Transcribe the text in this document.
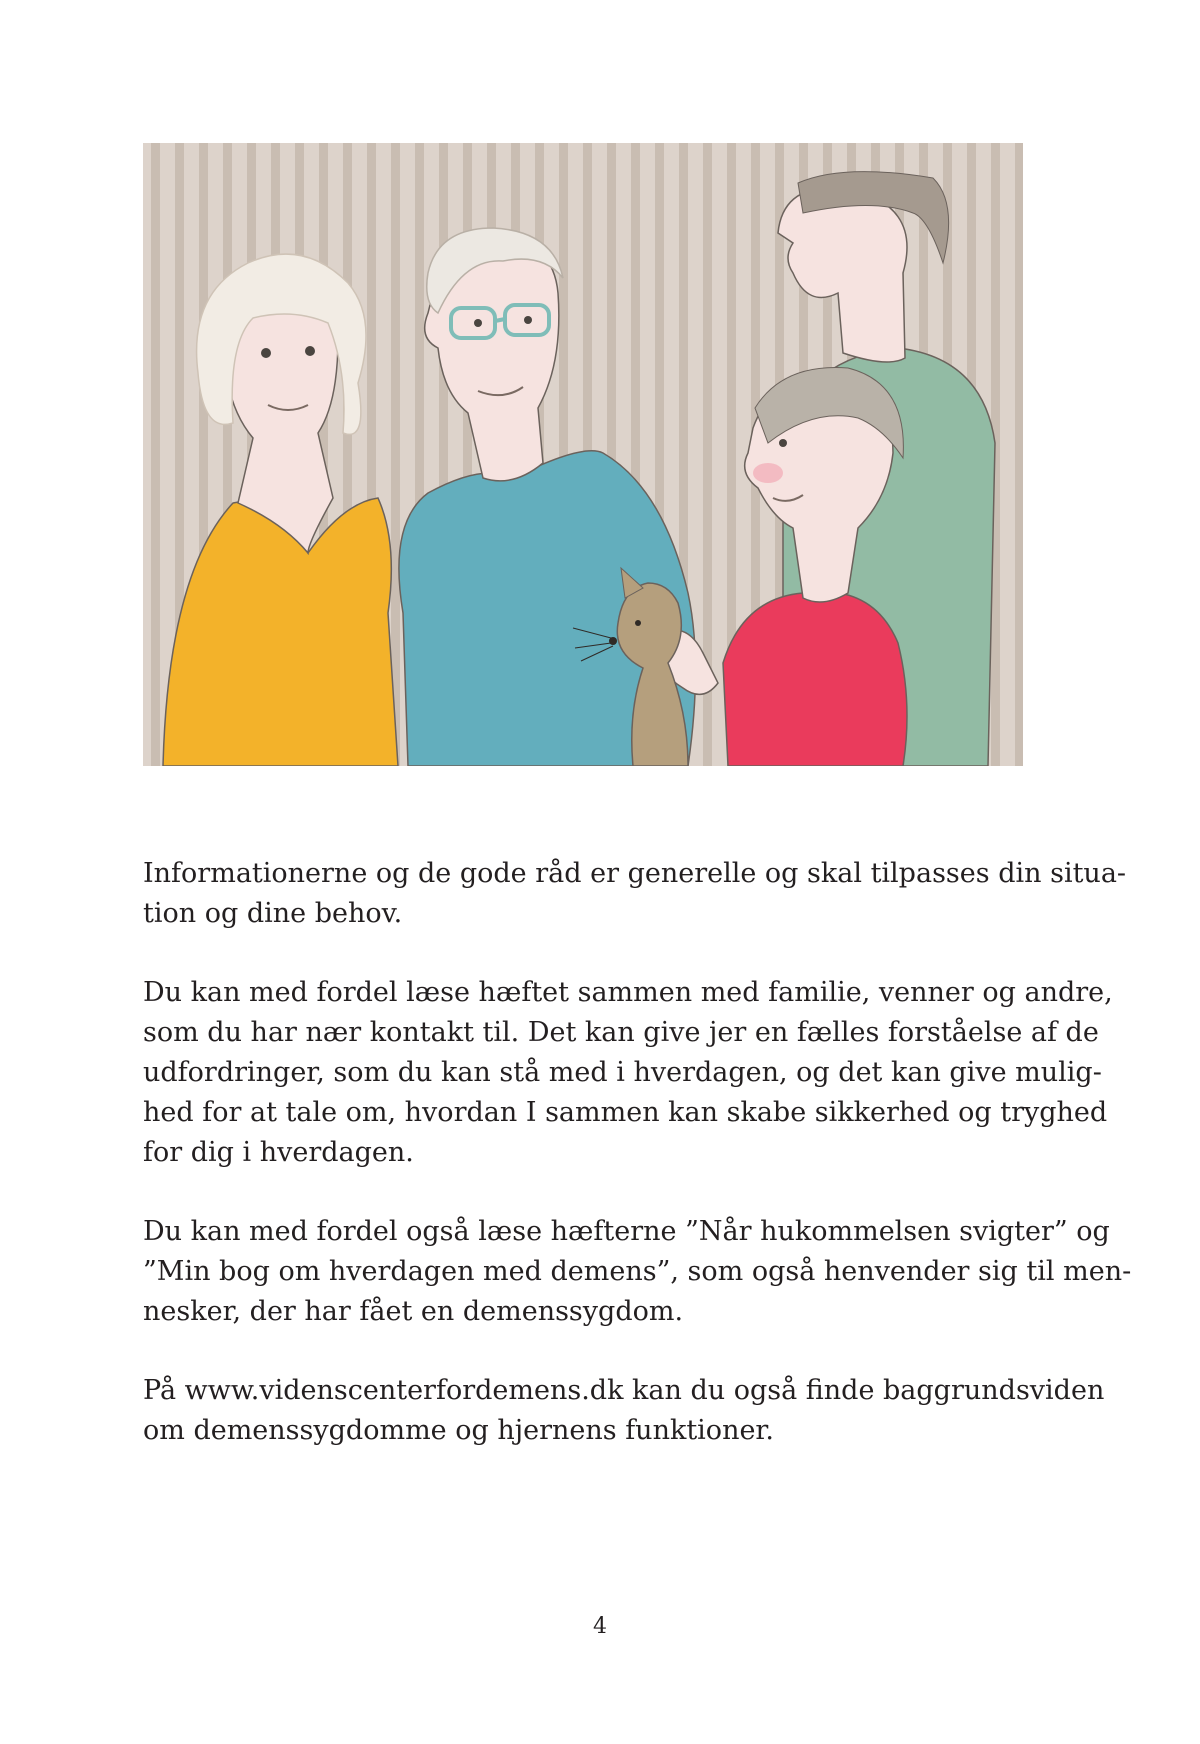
Informationerne og de gode råd er generelle og skal tilpasses din situa-
tion og dine behov.
Du kan med fordel læse hæftet sammen med familie, venner og andre,
som du har nær kontakt til. Det kan give jer en fælles forståelse af de
udfordringer, som du kan stå med i hverdagen, og det kan give mulig-
hed for at tale om, hvordan I sammen kan skabe sikkerhed og tryghed
for dig i hverdagen.
Du kan med fordel også læse hæfterne ”Når hukommelsen svigter” og
”Min bog om hverdagen med demens”, som også henvender sig til men-
nesker, der har fået en demenssygdom.
På www.videnscenterfordemens.dk kan du også finde baggrundsviden
om demenssygdomme og hjernens funktioner.
4
